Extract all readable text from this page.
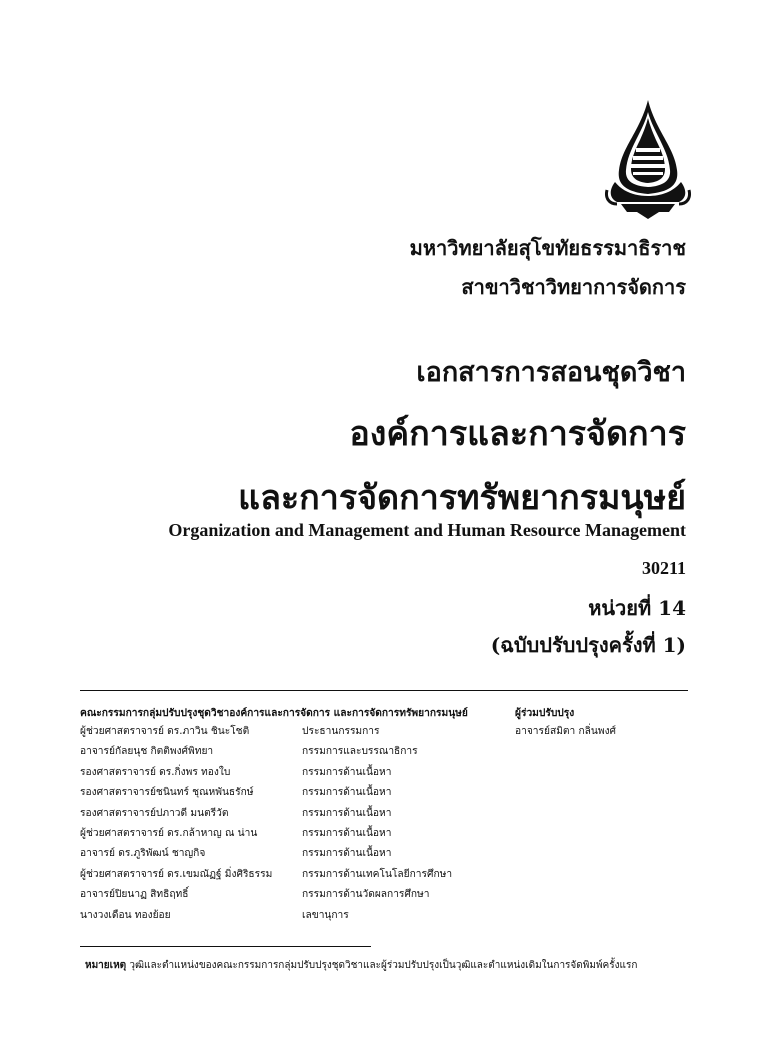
มหาวิทยาลัยสุโขทัยธรรมาธิราช
สาขาวิชาวิทยาการจัดการ
เอกสารการสอนชุดวิชา
องค์การและการจัดการ
และการจัดการทรัพยากรมนุษย์
Organization and Management and Human Resource Management
30211
หน่วยที่ 14
(ฉบับปรับปรุงครั้งที่ 1)
คณะกรรมการกลุ่มปรับปรุงชุดวิชาองค์การและการจัดการ และการจัดการทรัพยากรมนุษย์
ผู้ช่วยศาสตราจารย์ ดร.ภาวิน ชินะโชติ	ประธานกรรมการ
อาจารย์กัลยนุช กิตติพงศ์พิทยา	กรรมการและบรรณาธิการ
รองศาสตราจารย์ ดร.กิ่งพร ทองใบ	กรรมการด้านเนื้อหา
รองศาสตราจารย์ชนินทร์ ชุณหพันธรักษ์	กรรมการด้านเนื้อหา
รองศาสตราจารย์ปภาวดี มนตรีวัต	กรรมการด้านเนื้อหา
ผู้ช่วยศาสตราจารย์ ดร.กล้าหาญ ณ น่าน	กรรมการด้านเนื้อหา
อาจารย์ ดร.ภูริพัฒน์ ชาญกิจ	กรรมการด้านเนื้อหา
ผู้ช่วยศาสตราจารย์ ดร.เขมณัฏฐ์ มิ่งศิริธรรม	กรรมการด้านเทคโนโลยีการศึกษา
อาจารย์ปิยนาฏ สิทธิฤทธิ์	กรรมการด้านวัดผลการศึกษา
นางวงเดือน ทองย้อย	เลขานุการ
ผู้ร่วมปรับปรุง
อาจารย์สมิตา กลิ่นพงศ์
หมายเหตุ วุฒิและตำแหน่งของคณะกรรมการกลุ่มปรับปรุงชุดวิชาและผู้ร่วมปรับปรุงเป็นวุฒิและตำแหน่งเดิมในการจัดพิมพ์ครั้งแรก
